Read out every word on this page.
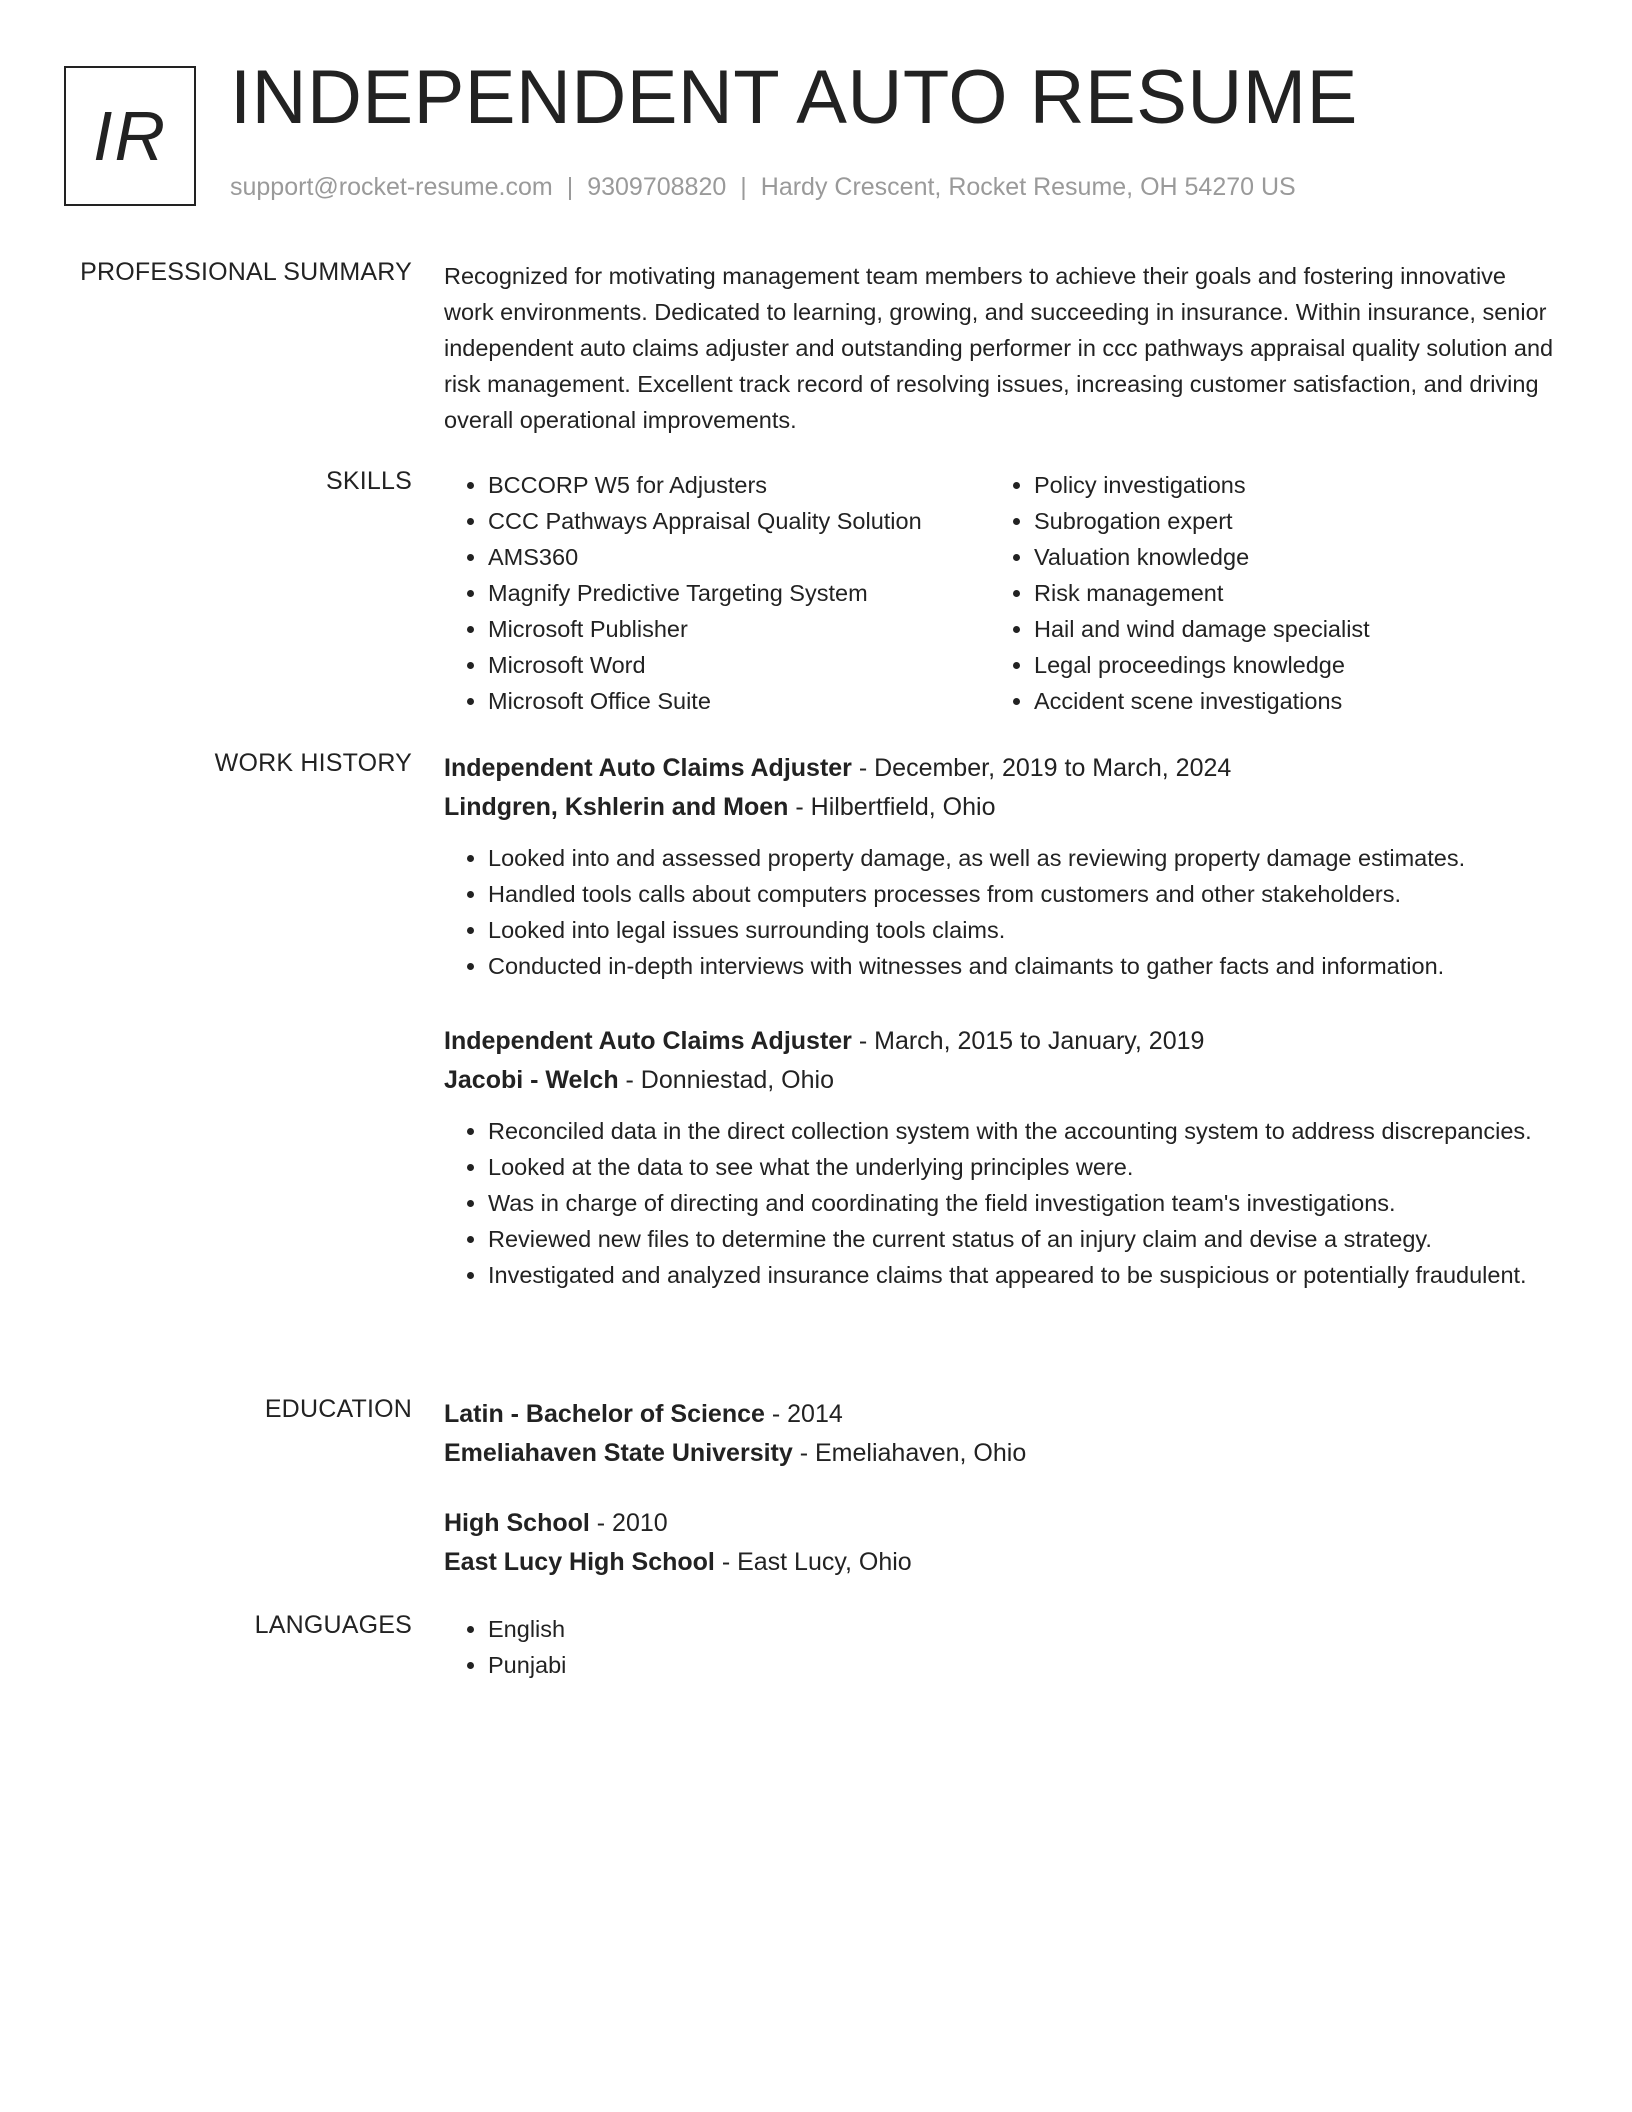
IR INDEPENDENT AUTO RESUME
support@rocket-resume.com | 9309708820 | Hardy Crescent, Rocket Resume, OH 54270 US
PROFESSIONAL SUMMARY Recognized for motivating management team members to achieve their goals and fostering innovative work environments. Dedicated to learning, growing, and succeeding in insurance. Within insurance, senior independent auto claims adjuster and outstanding performer in ccc pathways appraisal quality solution and risk management. Excellent track record of resolving issues, increasing customer satisfaction, and driving overall operational improvements.

SKILLS	• BCCORP W5 for Adjusters
• CCC Pathways Appraisal Quality Solution
• AMS360
• Magnify Predictive Targeting System
• Microsoft Publisher
• Microsoft Word
• Microsoft Office Suite
• Policy investigations
• Subrogation expert
• Valuation knowledge
• Risk management
• Hail and wind damage specialist
• Legal proceedings knowledge
• Accident scene investigations
WORK HISTORY Independent Auto Claims Adjuster - December, 2019 to March, 2024
Lindgren, Kshlerin and Moen - Hilbertfield, Ohio
• Looked into and assessed property damage, as well as reviewing property damage estimates.
• Handled tools calls about computers processes from customers and other stakeholders.
• Looked into legal issues surrounding tools claims.
• Conducted in-depth interviews with witnesses and claimants to gather facts and information.
Independent Auto Claims Adjuster - March, 2015 to January, 2019
Jacobi - Welch - Donniestad, Ohio
• Reconciled data in the direct collection system with the accounting system to address discrepancies.
• Looked at the data to see what the underlying principles were.
• Was in charge of directing and coordinating the field investigation team's investigations.
• Reviewed new files to determine the current status of an injury claim and devise a strategy.
• Investigated and analyzed insurance claims that appeared to be suspicious or potentially fraudulent.
EDUCATION Latin - Bachelor of Science - 2014
Emeliahaven State University - Emeliahaven, Ohio
High School - 2010
East Lucy High School - East Lucy, Ohio
LANGUAGES	• English
• Punjabi
